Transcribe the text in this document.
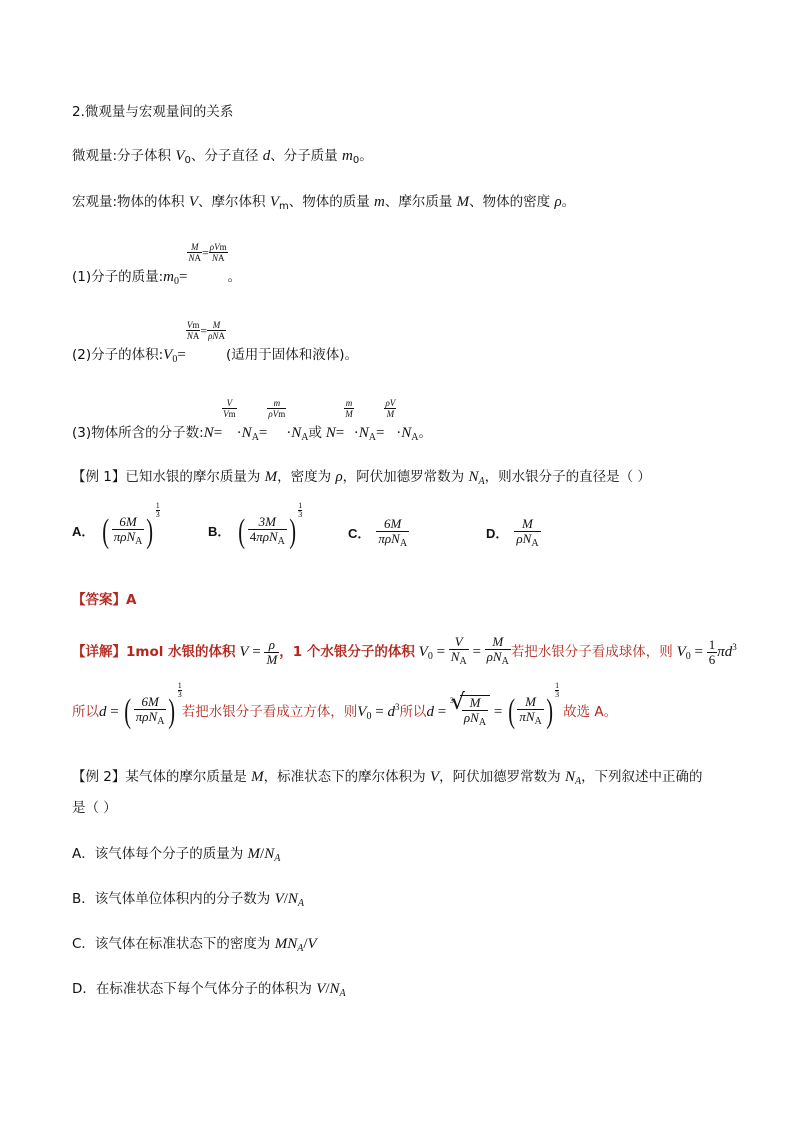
2.微观量与宏观量间的关系
微观量:分子体积 $V_0$、分子直径 d、分子质量 $m_0$。
宏观量:物体的体积 V、摩尔体积 $V_m$、物体的质量 m、摩尔质量 M、物体的密度 ρ。
(1)分子的质量$:m_0=$
$\frac{M}{NA} = \frac{\text{ρVm}}{NA}$
。
(2)分子的体积$:V_0=$
$\frac{Vm}{NA} = \frac{M}{\text{ρNA}}$
(适用于固体和液体)。
(3)物体所含的分子数:N=
$\frac{V}{Vm}$
$\cdot N_A=$
$\frac{m}{\text{ρVm}}$
$\cdot N_A$或 N=
$\frac{m}{M}$
$\cdot N_A=$
$\frac{\rho V}{M}$
$\cdot N_A$。
【例 1】已知水银的摩尔质量为 M，密度为 ρ，阿伏加德罗常数为 $N_A$，则水银分子的直径是（ ）
A． ( $\frac{6M}{\pi\rho N_A}$ )
$\frac{1}{3}$
B． ( $\frac{3M}{4\pi\rho N_A}$ )
$\frac{1}{3}$
C． $\frac{6M}{\pi\rho N_A}$	D． $\frac{M}{\rho N_A}$
【答案】A
【详解】1mol 水银的体积 $V = \frac{\rho}{M}$ ，1 个水银分子的体积 $V_0 = \frac{V}{N_A} = \frac{M}{\rho N_A}$ 若把水银分子看成球体，则 $V_0 = \frac{1}{6} \pi d^3$
所以d = ( $\frac{6M}{\pi\rho N_A}$ )
$\frac{1}{3}$若把水银分子看成立方体，则$V_0 = d^3$所以d = $^3$
√ $\frac{M}{\rho N_A}$ = ( $\frac{M}{\pi N_A}$ )
$\frac{1}{3}$故选 A。
【例 2】某气体的摩尔质量是 M，标准状态下的摩尔体积为 V，阿伏加德罗常数为 $N_A$，下列叙述中正确的
是（ ）
A．该气体每个分子的质量为 $M/N_A$
B．该气体单位体积内的分子数为 $V/N_A$
C．该气体在标准状态下的密度为 $MN_A/V$
D．在标准状态下每个气体分子的体积为 $V/N_A$
